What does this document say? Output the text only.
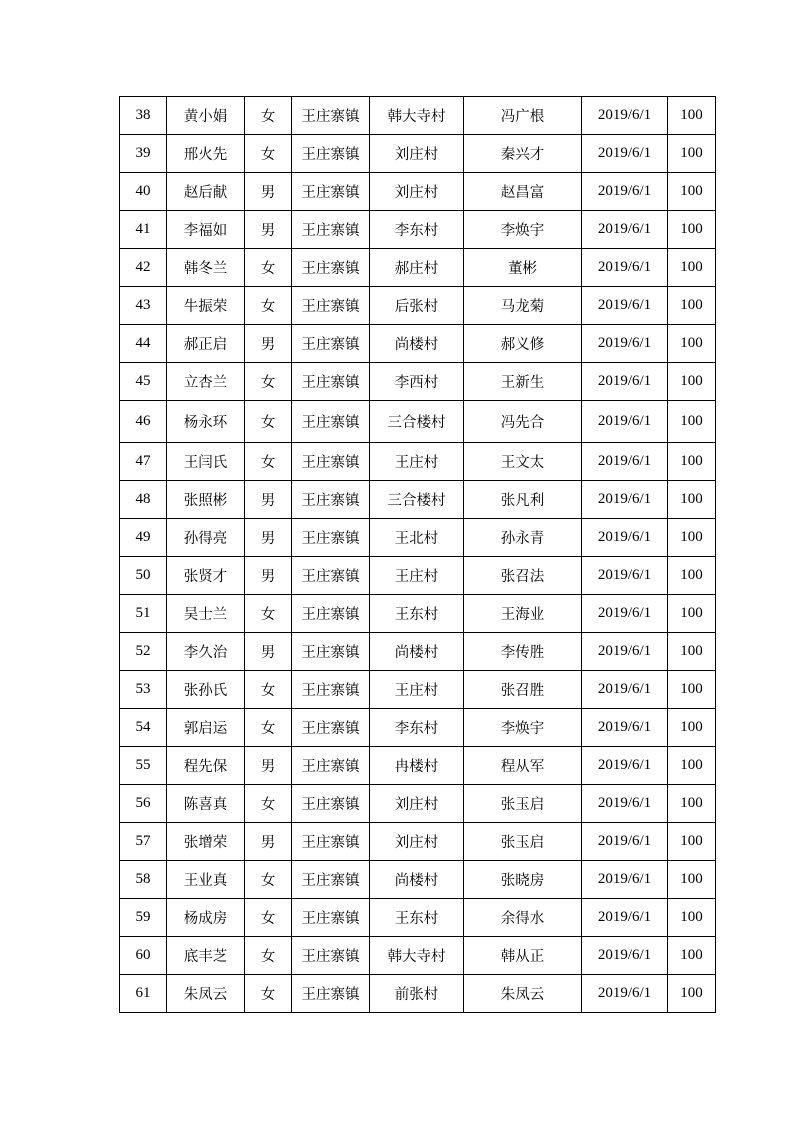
38	黄小娟	女	王庄寨镇	韩大寺村	冯广根	2019/6/1	100
39	邢火先	女	王庄寨镇	刘庄村	秦兴才	2019/6/1	100
40	赵后献	男	王庄寨镇	刘庄村	赵昌富	2019/6/1	100
41	李福如	男	王庄寨镇	李东村	李焕宇	2019/6/1	100
42	韩冬兰	女	王庄寨镇	郝庄村	董彬	2019/6/1	100
43	牛振荣	女	王庄寨镇	后张村	马龙菊	2019/6/1	100
44	郝正启	男	王庄寨镇	尚楼村	郝义修	2019/6/1	100
45	立杏兰	女	王庄寨镇	李西村	王新生	2019/6/1	100
46	杨永环	女	王庄寨镇	三合楼村	冯先合	2019/6/1	100
47	王闫氏	女	王庄寨镇	王庄村	王文太	2019/6/1	100
48	张照彬	男	王庄寨镇	三合楼村	张凡利	2019/6/1	100
49	孙得亮	男	王庄寨镇	王北村	孙永青	2019/6/1	100
50	张贤才	男	王庄寨镇	王庄村	张召法	2019/6/1	100
51	吴士兰	女	王庄寨镇	王东村	王海业	2019/6/1	100
52	李久治	男	王庄寨镇	尚楼村	李传胜	2019/6/1	100
53	张孙氏	女	王庄寨镇	王庄村	张召胜	2019/6/1	100
54	郭启运	女	王庄寨镇	李东村	李焕宇	2019/6/1	100
55	程先保	男	王庄寨镇	冉楼村	程从军	2019/6/1	100
56	陈喜真	女	王庄寨镇	刘庄村	张玉启	2019/6/1	100
57	张增荣	男	王庄寨镇	刘庄村	张玉启	2019/6/1	100
58	王业真	女	王庄寨镇	尚楼村	张晓房	2019/6/1	100
59	杨成房	女	王庄寨镇	王东村	余得水	2019/6/1	100
60	底丰芝	女	王庄寨镇	韩大寺村	韩从正	2019/6/1	100
61	朱凤云	女	王庄寨镇	前张村	朱凤云	2019/6/1	100
